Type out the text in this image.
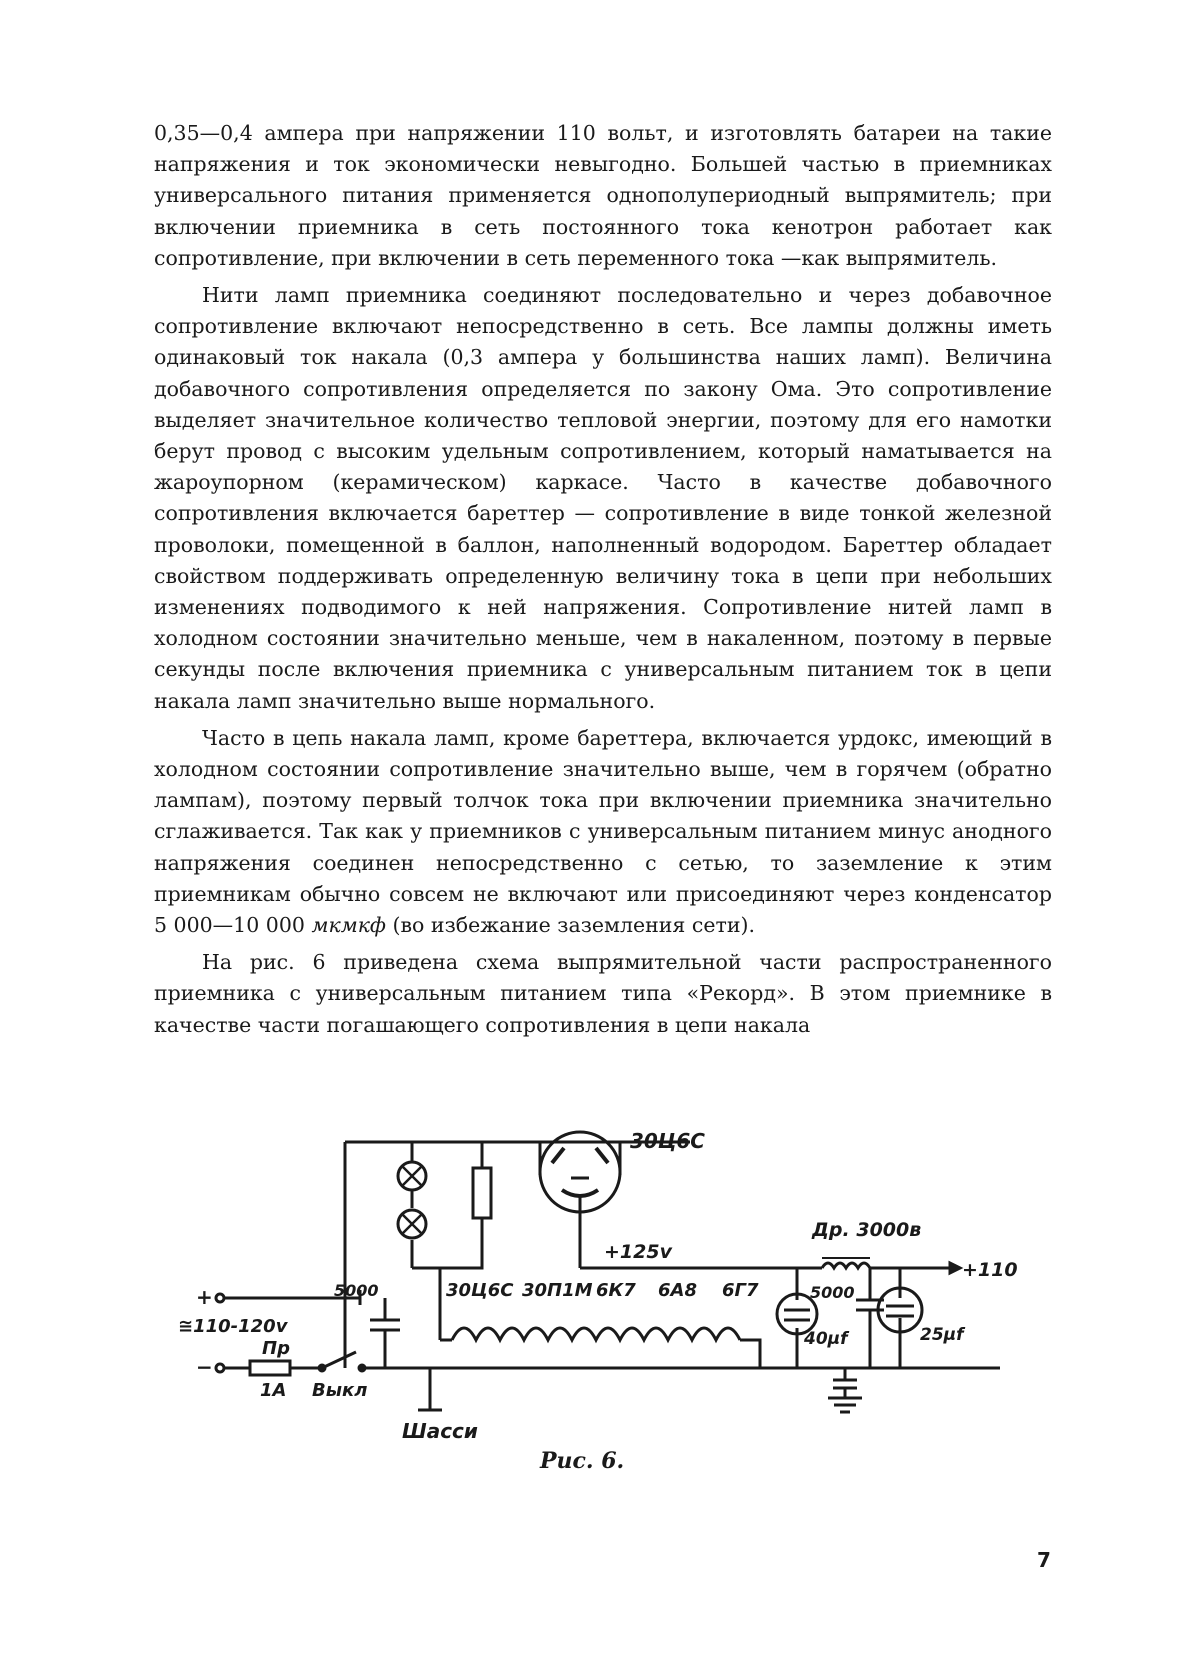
0,35—0,4 ампера при напряжении 110 вольт, и изготовлять батареи на такие напряжения и ток экономически невыгодно. Большей частью в приемниках универсального питания применяется однополупериодный выпрямитель; при включении приемника в сеть постоянного тока кенотрон работает как сопротивление, при включении в сеть переменного тока —как выпрямитель.

Нити ламп приемника соединяют последовательно и через добавочное сопротивление включают непосредственно в сеть. Все лампы должны иметь одинаковый ток накала (0,3 ампера у большинства наших ламп). Величина добавочного сопротивления определяется по закону Ома. Это сопротивление выделяет значительное количество тепловой энергии, поэтому для его намотки берут провод с высоким удельным сопротивлением, который наматывается на жароупорном (керамическом) каркасе. Часто в качестве добавочного сопротивления включается бареттер — сопротивление в виде тонкой железной проволоки, помещенной в баллон, наполненный водородом. Бареттер обладает свойством поддерживать определенную величину тока в цепи при небольших изменениях подводимого к ней напряжения. Сопротивление нитей ламп в холодном состоянии значительно меньше, чем в накаленном, поэтому в первые секунды после включения приемника с универсальным питанием ток в цепи накала ламп значительно выше нормального.

Часто в цепь накала ламп, кроме бареттера, включается урдокс, имеющий в холодном состоянии сопротивление значительно выше, чем в горячем (обратно лампам), поэтому первый толчок тока при включении приемника значительно сглаживается. Так как у приемников с универсальным питанием минус анодного напряжения соединен непосредственно с сетью, то заземление к этим приемникам обычно совсем не включают или присоединяют через конденсатор 5 000—10 000 мкмкф (во избежание заземления сети).

На рис. 6 приведена схема выпрямительной части распространенного приемника с универсальным питанием типа «Рекорд». В этом приемнике в качестве части погашающего сопротивления в цепи накала

30Ц6С
+125v
Др. 3000в
+110
+
−
≅110-120v
Пр
1А Выкл
Шасси
5000	5000
40μf	25μf
−
30Ц6С 30П1М 6К7 6А8 6Г7
Рис. 6.
7
